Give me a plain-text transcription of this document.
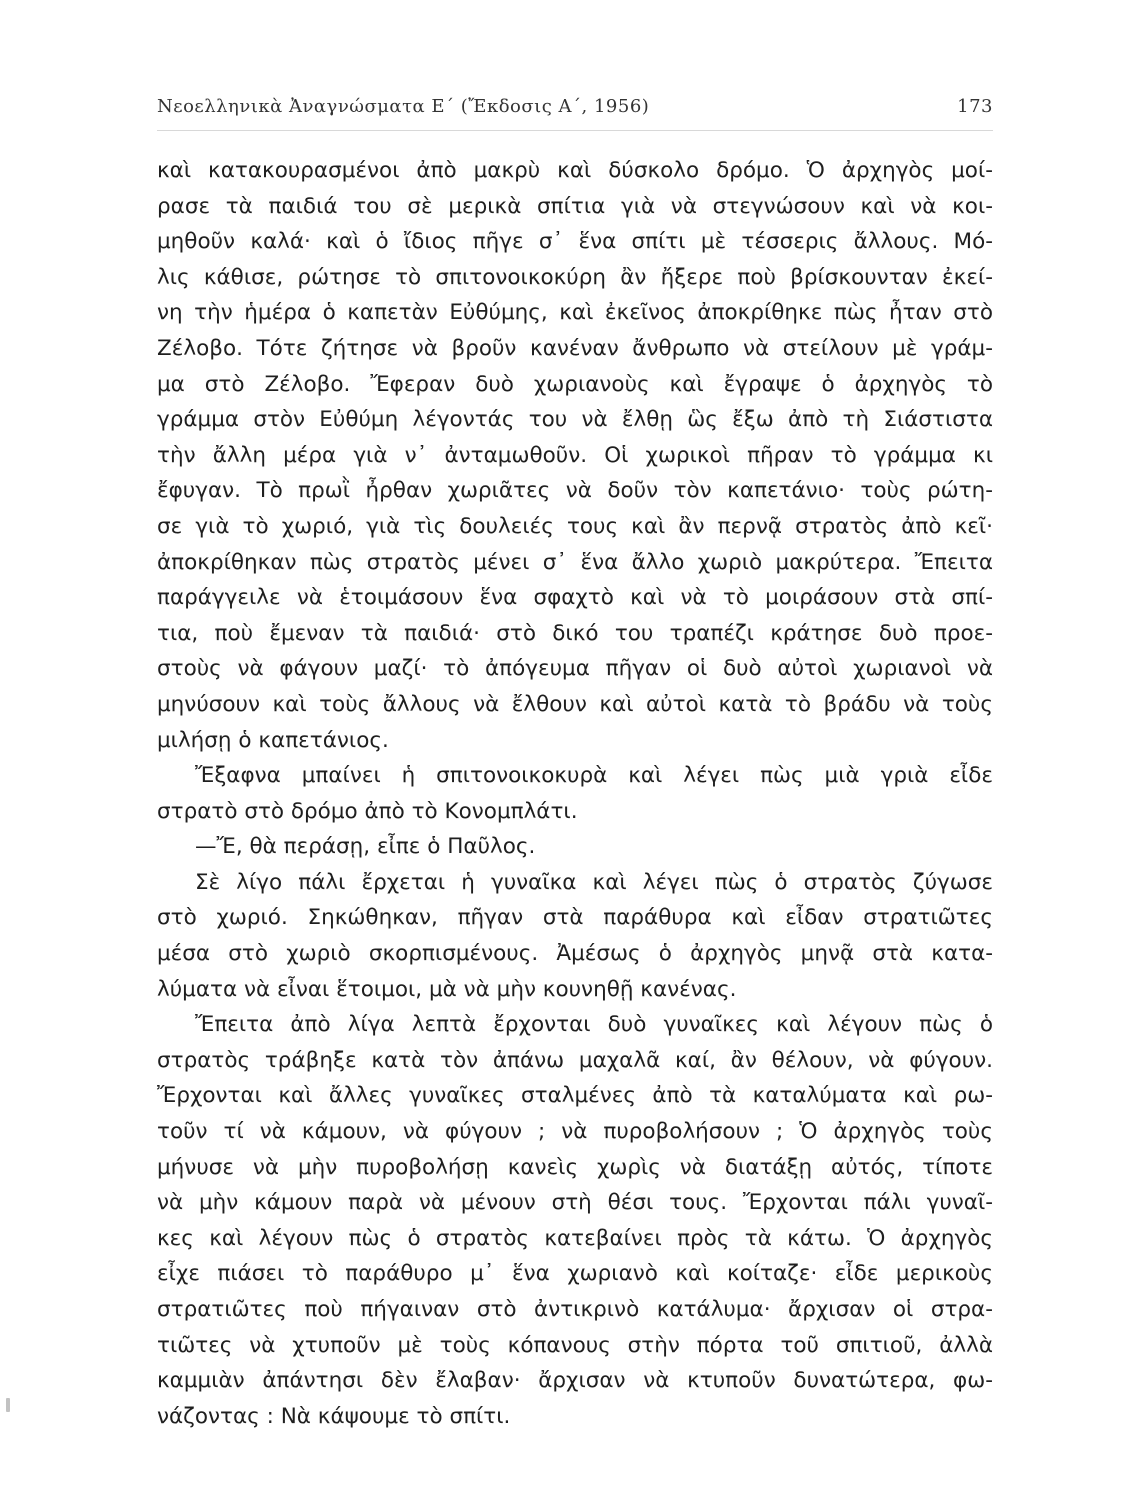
Νεοελληνικὰ Ἀναγνώσματα Ε΄ (Ἔκδοσις Α΄, 1956)	173

καὶ κατακουρασμένοι ἀπὸ μακρὺ καὶ δύσκολο δρόμο. Ὁ ἀρχηγὸς μοί-

ρασε τὰ παιδιά του σὲ μερικὰ σπίτια γιὰ νὰ στεγνώσουν καὶ νὰ κοι-

μηθοῦν καλά· καὶ ὁ ἴδιος πῆγε σ᾽ ἕνα σπίτι μὲ τέσσερις ἄλλους. Μό-

λις κάθισε, ρώτησε τὸ σπιτονοικοκύρη ἂν ἤξερε ποὺ βρίσκουνταν ἐκεί-

νη τὴν ἡμέρα ὁ καπετὰν Εὐθύμης, καὶ ἐκεῖνος ἀποκρίθηκε πὼς ἦταν στὸ

Ζέλοβο. Τότε ζήτησε νὰ βροῦν κανέναν ἄνθρωπο νὰ στείλουν μὲ γράμ-

μα στὸ Ζέλοβο. Ἔφεραν δυὸ χωριανοὺς καὶ ἔγραψε ὁ ἀρχηγὸς τὸ

γράμμα στὸν Εὐθύμη λέγοντάς του νὰ ἔλθῃ ὣς ἔξω ἀπὸ τὴ Σιάστιστα

τὴν ἄλλη μέρα γιὰ ν᾽ ἀνταμωθοῦν. Οἱ χωρικοὶ πῆραν τὸ γράμμα κι

ἔφυγαν. Τὸ πρωῒ ἦρθαν χωριᾶτες νὰ δοῦν τὸν καπετάνιο· τοὺς ρώτη-

σε γιὰ τὸ χωριό, γιὰ τὶς δουλειές τους καὶ ἂν περνᾷ στρατὸς ἀπὸ κεῖ·

ἀποκρίθηκαν πὼς στρατὸς μένει σ᾽ ἕνα ἄλλο χωριὸ μακρύτερα. Ἔπειτα

παράγγειλε νὰ ἑτοιμάσουν ἕνα σφαχτὸ καὶ νὰ τὸ μοιράσουν στὰ σπί-

τια, ποὺ ἔμεναν τὰ παιδιά· στὸ δικό του τραπέζι κράτησε δυὸ προε-

στοὺς νὰ φάγουν μαζί· τὸ ἀπόγευμα πῆγαν οἱ δυὸ αὐτοὶ χωριανοὶ νὰ

μηνύσουν καὶ τοὺς ἄλλους νὰ ἔλθουν καὶ αὐτοὶ κατὰ τὸ βράδυ νὰ τοὺς

μιλήσῃ ὁ καπετάνιος.

Ἔξαφνα μπαίνει ἡ σπιτονοικοκυρὰ καὶ λέγει πὼς μιὰ γριὰ εἶδε

στρατὸ στὸ δρόμο ἀπὸ τὸ Κονομπλάτι.

—Ἔ, θὰ περάσῃ, εἶπε ὁ Παῦλος.

Σὲ λίγο πάλι ἔρχεται ἡ γυναῖκα καὶ λέγει πὼς ὁ στρατὸς ζύγωσε

στὸ χωριό. Σηκώθηκαν, πῆγαν στὰ παράθυρα καὶ εἶδαν στρατιῶτες

μέσα στὸ χωριὸ σκορπισμένους. Ἀμέσως ὁ ἀρχηγὸς μηνᾷ στὰ κατα-

λύματα νὰ εἶναι ἕτοιμοι, μὰ νὰ μὴν κουνηθῇ κανένας.

Ἔπειτα ἀπὸ λίγα λεπτὰ ἔρχονται δυὸ γυναῖκες καὶ λέγουν πὼς ὁ

στρατὸς τράβηξε κατὰ τὸν ἀπάνω μαχαλᾶ καί, ἂν θέλουν, νὰ φύγουν.

Ἔρχονται καὶ ἄλλες γυναῖκες σταλμένες ἀπὸ τὰ καταλύματα καὶ ρω-

τοῦν τί νὰ κάμουν, νὰ φύγουν ; νὰ πυροβολήσουν ; Ὁ ἀρχηγὸς τοὺς

μήνυσε νὰ μὴν πυροβολήσῃ κανεὶς χωρὶς νὰ διατάξῃ αὐτός, τίποτε

νὰ μὴν κάμουν παρὰ νὰ μένουν στὴ θέσι τους. Ἔρχονται πάλι γυναῖ-

κες καὶ λέγουν πὼς ὁ στρατὸς κατεβαίνει πρὸς τὰ κάτω. Ὁ ἀρχηγὸς

εἶχε πιάσει τὸ παράθυρο μ᾽ ἕνα χωριανὸ καὶ κοίταζε· εἶδε μερικοὺς

στρατιῶτες ποὺ πήγαιναν στὸ ἀντικρινὸ κατάλυμα· ἄρχισαν οἱ στρα-

τιῶτες νὰ χτυποῦν μὲ τοὺς κόπανους στὴν πόρτα τοῦ σπιτιοῦ, ἀλλὰ

καμμιὰν ἀπάντησι δὲν ἔλαβαν· ἄρχισαν νὰ κτυποῦν δυνατώτερα, φω-

νάζοντας : Νὰ κάψουμε τὸ σπίτι.
